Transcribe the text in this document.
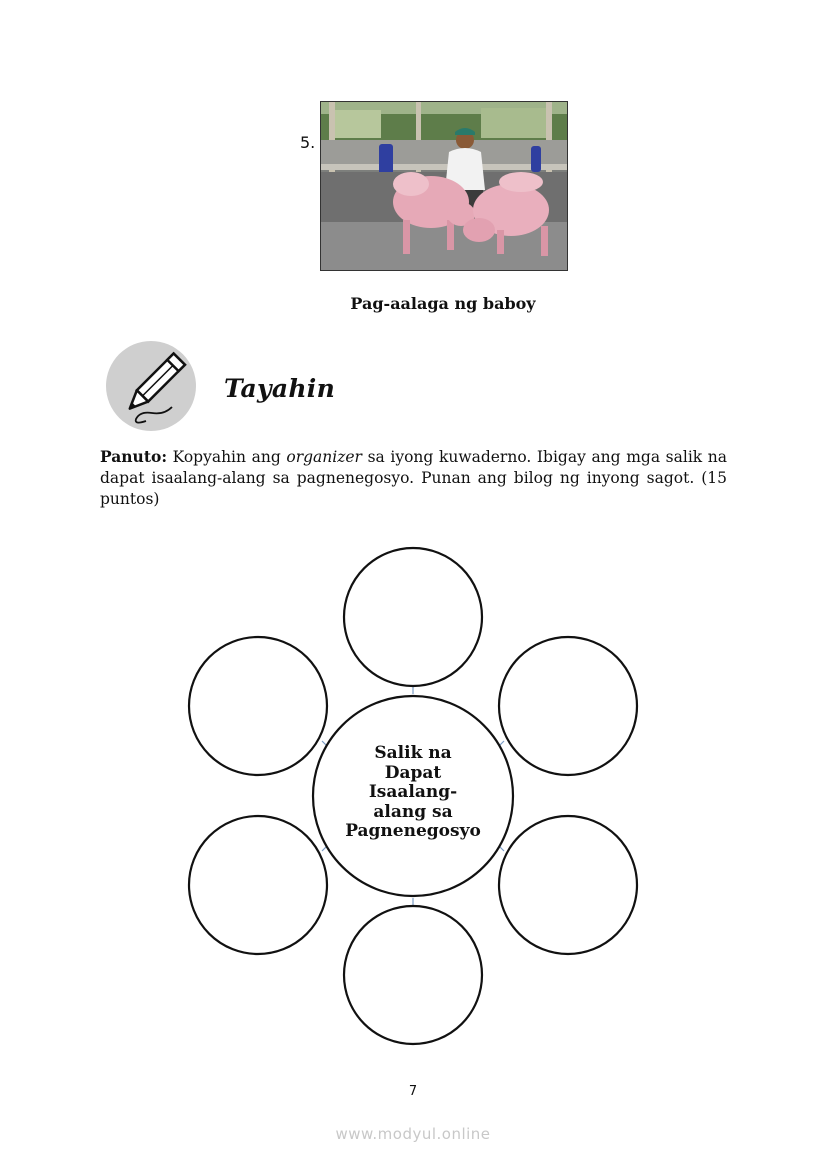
5.
Pag-aalaga ng baboy
Tayahin
Panuto: Kopyahin ang organizer sa iyong kuwaderno. Ibigay ang mga salik na dapat isaalang-alang sa pagnenegosyo. Punan ang bilog ng inyong sagot. (15 puntos)
Salik na
Dapat
Isaalang-
alang sa
Pagnenegosyo
7
www.modyul.online
